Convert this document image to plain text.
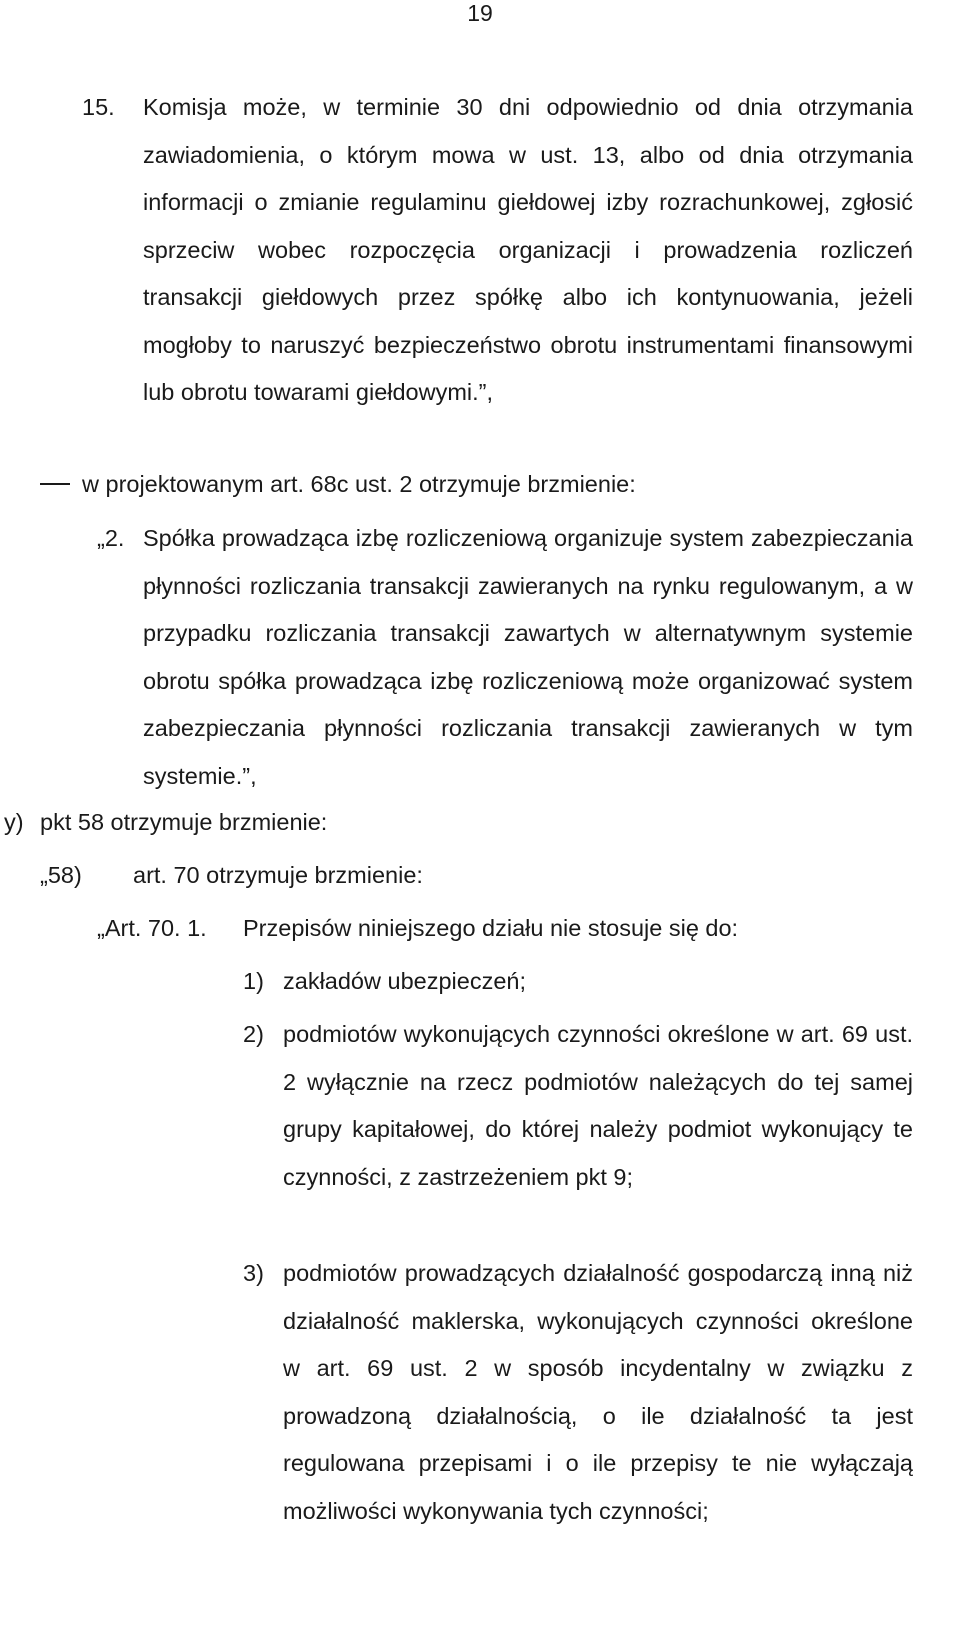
19
15. Komisja może, w terminie 30 dni odpowiednio od dnia otrzymania zawiadomienia, o którym mowa w ust. 13, albo od dnia otrzymania informacji o zmianie regulaminu giełdowej izby rozrachunkowej, zgłosić sprzeciw wobec rozpoczęcia organizacji i prowadzenia rozliczeń transakcji giełdowych przez spółkę albo ich kontynuowania, jeżeli mogłoby to naruszyć bezpieczeństwo obrotu instrumentami finansowymi lub obrotu towarami giełdowymi.”,

w projektowanym art. 68c ust. 2 otrzymuje brzmienie:
„2. Spółka prowadząca izbę rozliczeniową organizuje system zabezpieczania płynności rozliczania transakcji zawieranych na rynku regulowanym, a w przypadku rozliczania transakcji zawartych w alternatywnym systemie obrotu spółka prowadząca izbę rozliczeniową może organizować system zabezpieczania płynności rozliczania transakcji zawieranych w tym systemie.”,

y) pkt 58 otrzymuje brzmienie:
„58) art. 70 otrzymuje brzmienie:
„Art. 70. 1. Przepisów niniejszego działu nie stosuje się do:
1) zakładów ubezpieczeń;

2) podmiotów wykonujących czynności określone w art. 69 ust. 2 wyłącznie na rzecz podmiotów należących do tej samej grupy kapitałowej, do której należy podmiot wykonujący te czynności, z zastrzeżeniem pkt 9;

3) podmiotów prowadzących działalność gospodarczą inną niż działalność maklerska, wykonujących czynności określone w art. 69 ust. 2 w sposób incydentalny w związku z prowadzoną działalnością, o ile działalność ta jest regulowana przepisami i o ile przepisy te nie wyłączają możliwości wykonywania tych czynności;
